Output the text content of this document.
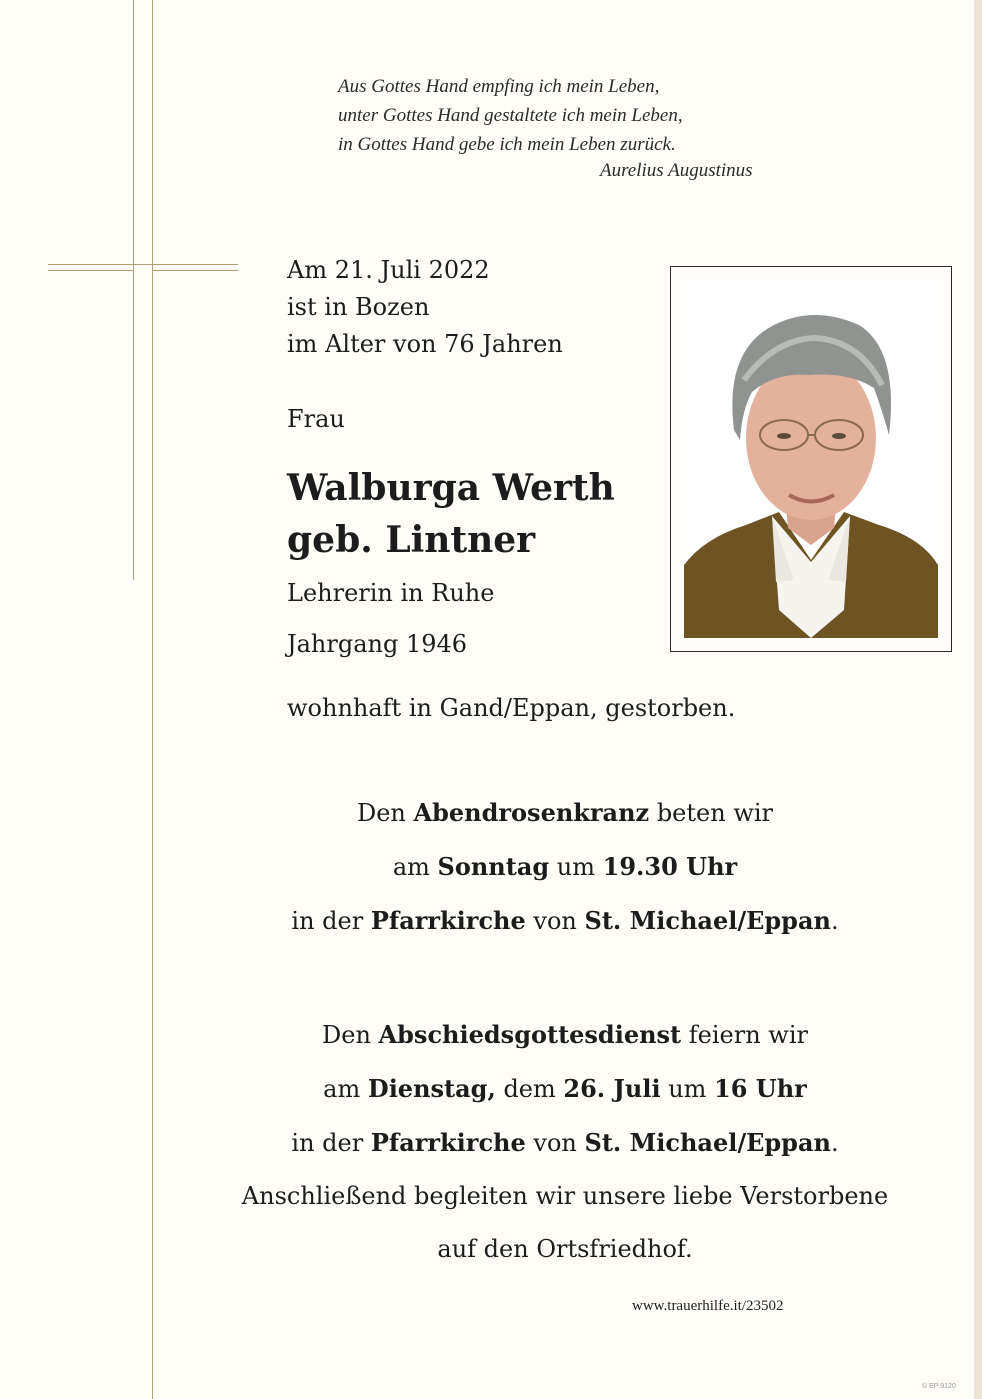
Aus Gottes Hand empfing ich mein Leben,
unter Gottes Hand gestaltete ich mein Leben,
in Gottes Hand gebe ich mein Leben zurück.
Aurelius Augustinus
Am 21. Juli 2022
ist in Bozen
im Alter von 76 Jahren
Frau
Walburga Werth
geb. Lintner
Lehrerin in Ruhe
Jahrgang 1946
wohnhaft in Gand/Eppan, gestorben.
Den Abendrosenkranz beten wir
am Sonntag um 19.30 Uhr
in der Pfarrkirche von St. Michael/Eppan.
Den Abschiedsgottesdienst feiern wir
am Dienstag, dem 26. Juli um 16 Uhr
in der Pfarrkirche von St. Michael/Eppan.
Anschließend begleiten wir unsere liebe Verstorbene
auf den Ortsfriedhof.
www.trauerhilfe.it/23502
© EP 9120
